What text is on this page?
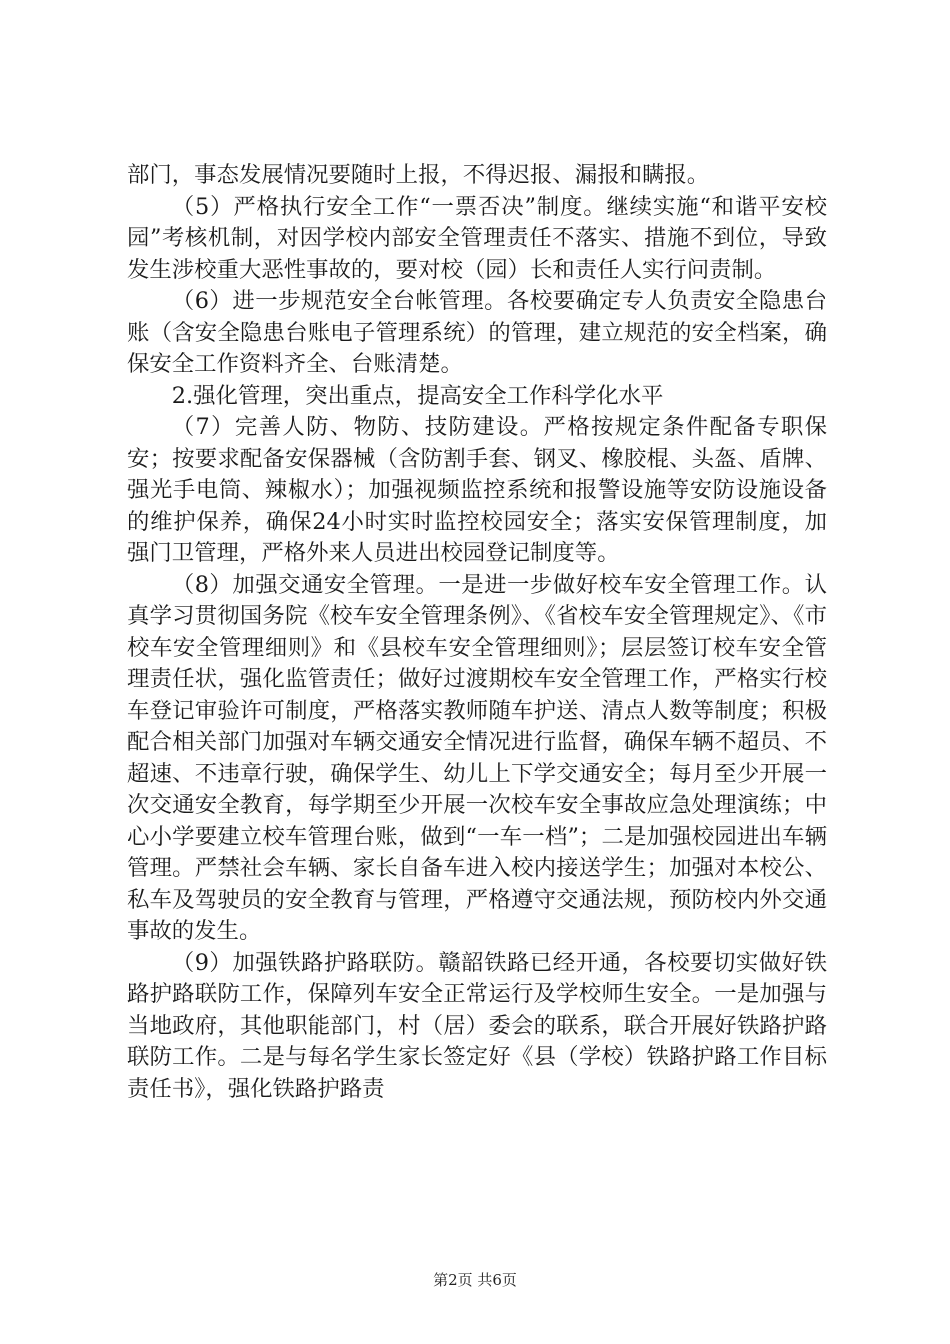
部门，事态发展情况要随时上报，不得迟报、漏报和瞒报。

（5）严格执行安全工作“一票否决”制度。继续实施“和谐平安校园”考核机制，对因学校内部安全管理责任不落实、措施不到位，导致发生涉校重大恶性事故的，要对校（园）长和责任人实行问责制。

（6）进一步规范安全台帐管理。各校要确定专人负责安全隐患台账（含安全隐患台账电子管理系统）的管理，建立规范的安全档案，确保安全工作资料齐全、台账清楚。

2.强化管理，突出重点，提高安全工作科学化水平

（7）完善人防、物防、技防建设。严格按规定条件配备专职保安；按要求配备安保器械（含防割手套、钢叉、橡胶棍、头盔、盾牌、强光手电筒、辣椒水）；加强视频监控系统和报警设施等安防设施设备的维护保养，确保24小时实时监控校园安全；落实安保管理制度，加强门卫管理，严格外来人员进出校园登记制度等。

（8）加强交通安全管理。一是进一步做好校车安全管理工作。认真学习贯彻国务院《校车安全管理条例》、《省校车安全管理规定》、《市校车安全管理细则》和《县校车安全管理细则》；层层签订校车安全管理责任状，强化监管责任；做好过渡期校车安全管理工作，严格实行校车登记审验许可制度，严格落实教师随车护送、清点人数等制度；积极配合相关部门加强对车辆交通安全情况进行监督，确保车辆不超员、不超速、不违章行驶，确保学生、幼儿上下学交通安全；每月至少开展一次交通安全教育，每学期至少开展一次校车安全事故应急处理演练；中心小学要建立校车管理台账，做到“一车一档”；二是加强校园进出车辆管理。严禁社会车辆、家长自备车进入校内接送学生；加强对本校公、私车及驾驶员的安全教育与管理，严格遵守交通法规，预防校内外交通事故的发生。

（9）加强铁路护路联防。赣韶铁路已经开通，各校要切实做好铁路护路联防工作，保障列车安全正常运行及学校师生安全。一是加强与当地政府，其他职能部门，村（居）委会的联系，联合开展好铁路护路联防工作。二是与每名学生家长签定好《县（学校）铁路护路工作目标责任书》，强化铁路护路责

第2页 共6页
